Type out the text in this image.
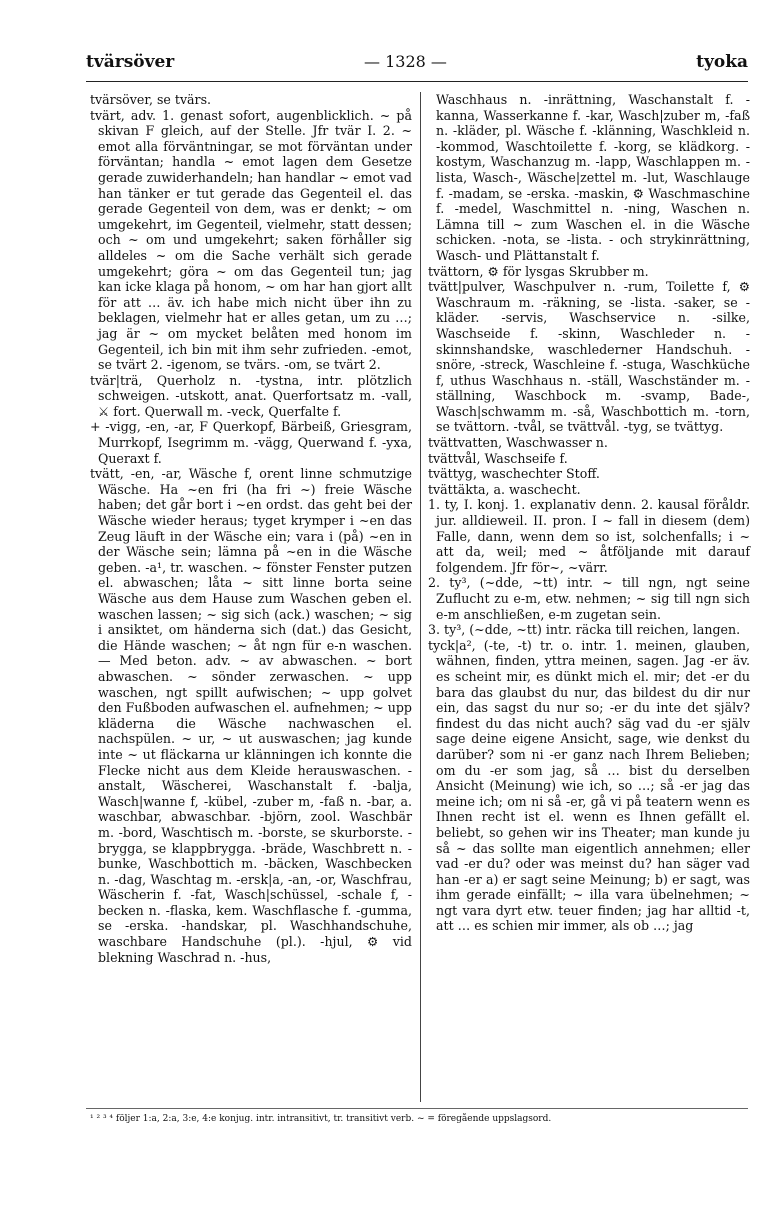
tvärsöver	— 1328 —	tyoka

tvärsöver, se tvärs.

tvärt, adv. 1. genast sofort, augenblicklich. ~ på skivan F gleich, auf der Stelle. Jfr tvär I. 2. ~ emot alla förväntningar, se mot förväntan under förväntan; handla ~ emot lagen dem Gesetze gerade zuwiderhandeln; han handlar ~ emot vad han tänker er tut gerade das Gegenteil el. das gerade Gegenteil von dem, was er denkt; ~ om umgekehrt, im Gegenteil, vielmehr, statt dessen; och ~ om und umgekehrt; saken förhåller sig alldeles ~ om die Sache verhält sich gerade umgekehrt; göra ~ om das Gegenteil tun; jag kan icke klaga på honom, ~ om har han gjort allt för att … äv. ich habe mich nicht über ihn zu beklagen, vielmehr hat er alles getan, um zu …; jag är ~ om mycket belåten med honom im Gegenteil, ich bin mit ihm sehr zufrieden. -emot, se tvärt 2. -igenom, se tvärs. -om, se tvärt 2.

tvär|trä, Querholz n. -tystna, intr. plötzlich schweigen. -utskott, anat. Querfortsatz m. -vall, ⚔ fort. Querwall m. -veck, Querfalte f.

+ -vigg, -en, -ar, F Querkopf, Bärbeiß, Griesgram, Murrkopf, Isegrimm m. -vägg, Querwand f. -yxa, Queraxt f.

tvätt, -en, -ar, Wäsche f, orent linne schmutzige Wäsche. Ha ~en fri (ha fri ~) freie Wäsche haben; det går bort i ~en ordst. das geht bei der Wäsche wieder heraus; tyget krymper i ~en das Zeug läuft in der Wäsche ein; vara i (på) ~en in der Wäsche sein; lämna på ~en in die Wäsche geben. -a¹, tr. waschen. ~ fönster Fenster putzen el. abwaschen; låta ~ sitt linne borta seine Wäsche aus dem Hause zum Waschen geben el. waschen lassen; ~ sig sich (ack.) waschen; ~ sig i ansiktet, om händerna sich (dat.) das Gesicht, die Hände waschen; ~ åt ngn für e-n waschen. — Med beton. adv. ~ av abwaschen. ~ bort abwaschen. ~ sönder zerwaschen. ~ upp waschen, ngt spillt aufwischen; ~ upp golvet den Fußboden aufwaschen el. aufnehmen; ~ upp kläderna die Wäsche nachwaschen el. nachspülen. ~ ur, ~ ut auswaschen; jag kunde inte ~ ut fläckarna ur klänningen ich konnte die Flecke nicht aus dem Kleide herauswaschen. -anstalt, Wäscherei, Waschanstalt f. -balja, Wasch|wanne f, -kübel, -zuber m, -faß n. -bar, a. waschbar, abwaschbar. -björn, zool. Waschbär m. -bord, Waschtisch m. -borste, se skurborste. -brygga, se klappbrygga. -bräde, Waschbrett n. -bunke, Waschbottich m. -bäcken, Waschbecken n. -dag, Waschtag m. -ersk|a, -an, -or, Waschfrau, Wäscherin f. -fat, Wasch|schüssel, -schale f, -becken n. -flaska, kem. Waschflasche f. -gumma, se -erska. -handskar, pl. Waschhandschuhe, waschbare Handschuhe (pl.). -hjul, ⚙ vid blekning Waschrad n. -hus,

Waschhaus n. -inrättning, Waschanstalt f. -kanna, Wasserkanne f. -kar, Wasch|zuber m, -faß n. -kläder, pl. Wäsche f. -klänning, Waschkleid n. -kommod, Waschtoilette f. -korg, se klädkorg. -kostym, Waschanzug m. -lapp, Waschlappen m. -lista, Wasch-, Wäsche|zettel m. -lut, Waschlauge f. -madam, se -erska. -maskin, ⚙ Waschmaschine f. -medel, Waschmittel n. -ning, Waschen n. Lämna till ~ zum Waschen el. in die Wäsche schicken. -nota, se -lista. - och strykinrättning, Wasch- und Plättanstalt f.

tvättorn, ⚙ för lysgas Skrubber m.

tvätt|pulver, Waschpulver n. -rum, Toilette f, ⚙ Waschraum m. -räkning, se -lista. -saker, se -kläder. -servis, Waschservice n. -silke, Waschseide f. -skinn, Waschleder n. -skinnshandske, waschlederner Handschuh. -snöre, -streck, Waschleine f. -stuga, Waschküche f, uthus Waschhaus n. -ställ, Waschständer m. -ställning, Waschbock m. -svamp, Bade-, Wasch|schwamm m. -så, Waschbottich m. -torn, se tvättorn. -tvål, se tvättvål. -tyg, se tvättyg.

tvättvatten, Waschwasser n.

tvättvål, Waschseife f.

tvättyg, waschechter Stoff.

tvättäkta, a. waschecht.

1. ty, I. konj. 1. explanativ denn. 2. kausal föråldr. jur. alldieweil. II. pron. I ~ fall in diesem (dem) Falle, dann, wenn dem so ist, solchenfalls; i ~ att da, weil; med ~ åtföljande mit darauf folgendem. Jfr för~, ~värr.

2. ty³, (~dde, ~tt) intr. ~ till ngn, ngt seine Zuflucht zu e-m, etw. nehmen; ~ sig till ngn sich e-m anschließen, e-m zugetan sein.

3. ty³, (~dde, ~tt) intr. räcka till reichen, langen.

tyck|a², (-te, -t) tr. o. intr. 1. meinen, glauben, wähnen, finden, yttra meinen, sagen. Jag -er äv. es scheint mir, es dünkt mich el. mir; det -er du bara das glaubst du nur, das bildest du dir nur ein, das sagst du nur so; -er du inte det själv? findest du das nicht auch? säg vad du -er själv sage deine eigene Ansicht, sage, wie denkst du darüber? som ni -er ganz nach Ihrem Belieben; om du -er som jag, så … bist du derselben Ansicht (Meinung) wie ich, so …; så -er jag das meine ich; om ni så -er, gå vi på teatern wenn es Ihnen recht ist el. wenn es Ihnen gefällt el. beliebt, so gehen wir ins Theater; man kunde ju så ~ das sollte man eigentlich annehmen; eller vad -er du? oder was meinst du? han säger vad han -er a) er sagt seine Meinung; b) er sagt, was ihm gerade einfällt; ~ illa vara übelnehmen; ~ ngt vara dyrt etw. teuer finden; jag har alltid -t, att … es schien mir immer, als ob …; jag

¹ ² ³ ⁴ följer 1:a, 2:a, 3:e, 4:e konjug. intr. intransitivt, tr. transitivt verb. ~ = föregående uppslagsord.
